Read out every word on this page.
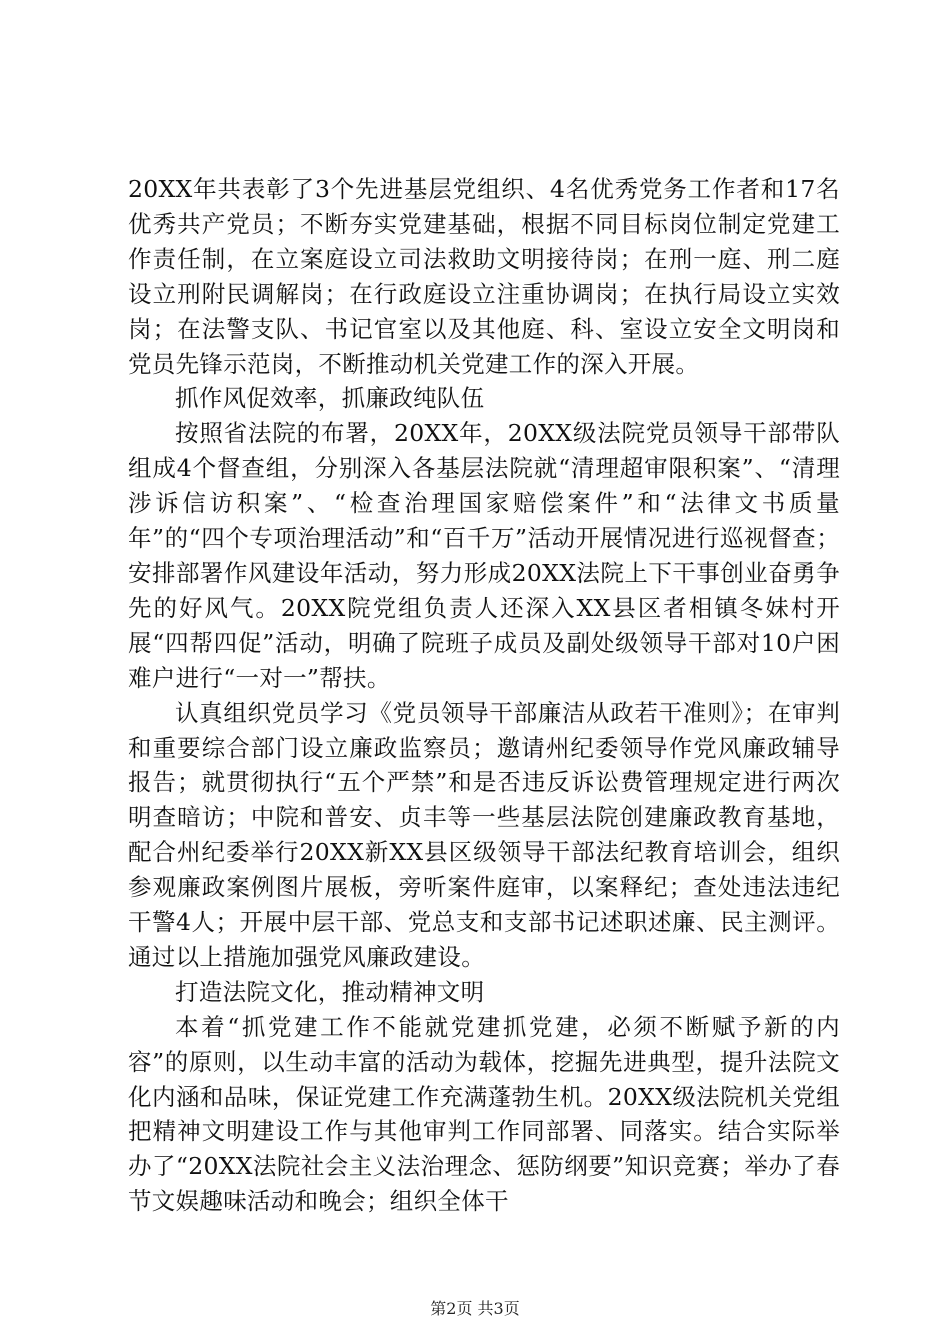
20XX年共表彰了3个先进基层党组织、4名优秀党务工作者和17名优秀共产党员；不断夯实党建基础，根据不同目标岗位制定党建工作责任制，在立案庭设立司法救助文明接待岗；在刑一庭、刑二庭设立刑附民调解岗；在行政庭设立注重协调岗；在执行局设立实效岗；在法警支队、书记官室以及其他庭、科、室设立安全文明岗和党员先锋示范岗，不断推动机关党建工作的深入开展。

抓作风促效率，抓廉政纯队伍

按照省法院的布署，20XX年，20XX级法院党员领导干部带队组成4个督查组，分别深入各基层法院就“清理超审限积案”、“清理涉诉信访积案”、“检查治理国家赔偿案件”和“法律文书质量年”的“四个专项治理活动”和“百千万”活动开展情况进行巡视督查；安排部署作风建设年活动，努力形成20XX法院上下干事创业奋勇争先的好风气。20XX院党组负责人还深入XX县区者相镇冬妹村开展“四帮四促”活动，明确了院班子成员及副处级领导干部对10户困难户进行“一对一”帮扶。

认真组织党员学习《党员领导干部廉洁从政若干准则》；在审判和重要综合部门设立廉政监察员；邀请州纪委领导作党风廉政辅导报告；就贯彻执行“五个严禁”和是否违反诉讼费管理规定进行两次明查暗访；中院和普安、贞丰等一些基层法院创建廉政教育基地，配合州纪委举行20XX新XX县区级领导干部法纪教育培训会，组织参观廉政案例图片展板，旁听案件庭审，以案释纪；查处违法违纪干警4人；开展中层干部、党总支和支部书记述职述廉、民主测评。通过以上措施加强党风廉政建设。

打造法院文化，推动精神文明

本着“抓党建工作不能就党建抓党建，必须不断赋予新的内容”的原则，以生动丰富的活动为载体，挖掘先进典型，提升法院文化内涵和品味，保证党建工作充满蓬勃生机。20XX级法院机关党组把精神文明建设工作与其他审判工作同部署、同落实。结合实际举办了“20XX法院社会主义法治理念、惩防纲要”知识竞赛；举办了春节文娱趣味活动和晚会；组织全体干

第2页 共3页
